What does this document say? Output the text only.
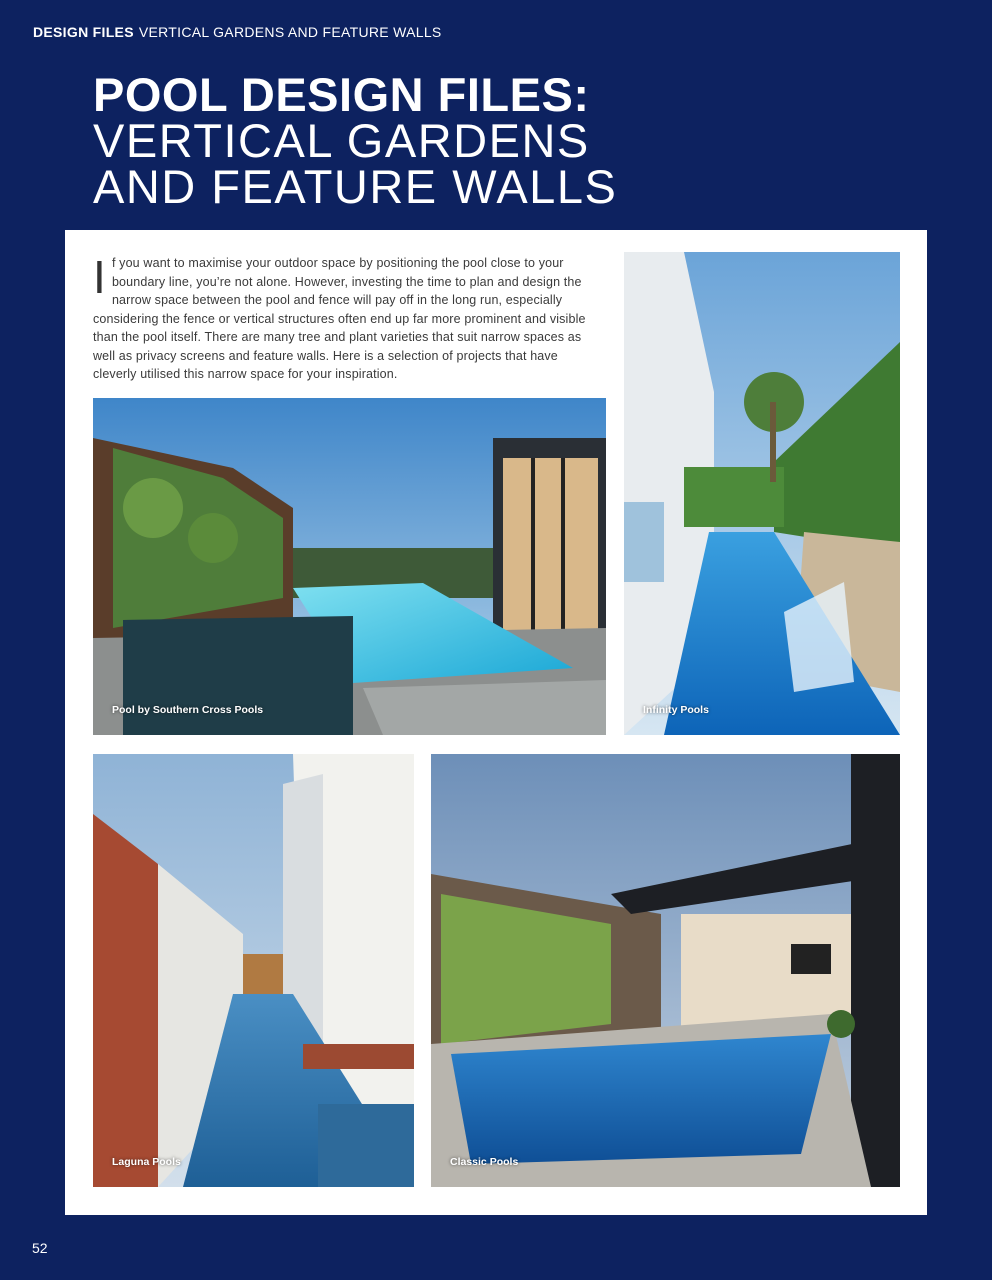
DESIGN FILES VERTICAL GARDENS AND FEATURE WALLS
POOL DESIGN FILES:
VERTICAL GARDENS
AND FEATURE WALLS
If you want to maximise your outdoor space by positioning the pool close to your boundary line, you’re not alone. However, investing the time to plan and design the narrow space between the pool and fence will pay off in the long run, especially considering the fence or vertical structures often end up far more prominent and visible than the pool itself. There are many tree and plant varieties that suit narrow spaces as well as privacy screens and feature walls. Here is a selection of projects that have cleverly utilised this narrow space for your inspiration.
Pool by Southern Cross Pools	Infinity Pools
Laguna Pools	Classic Pools
52
